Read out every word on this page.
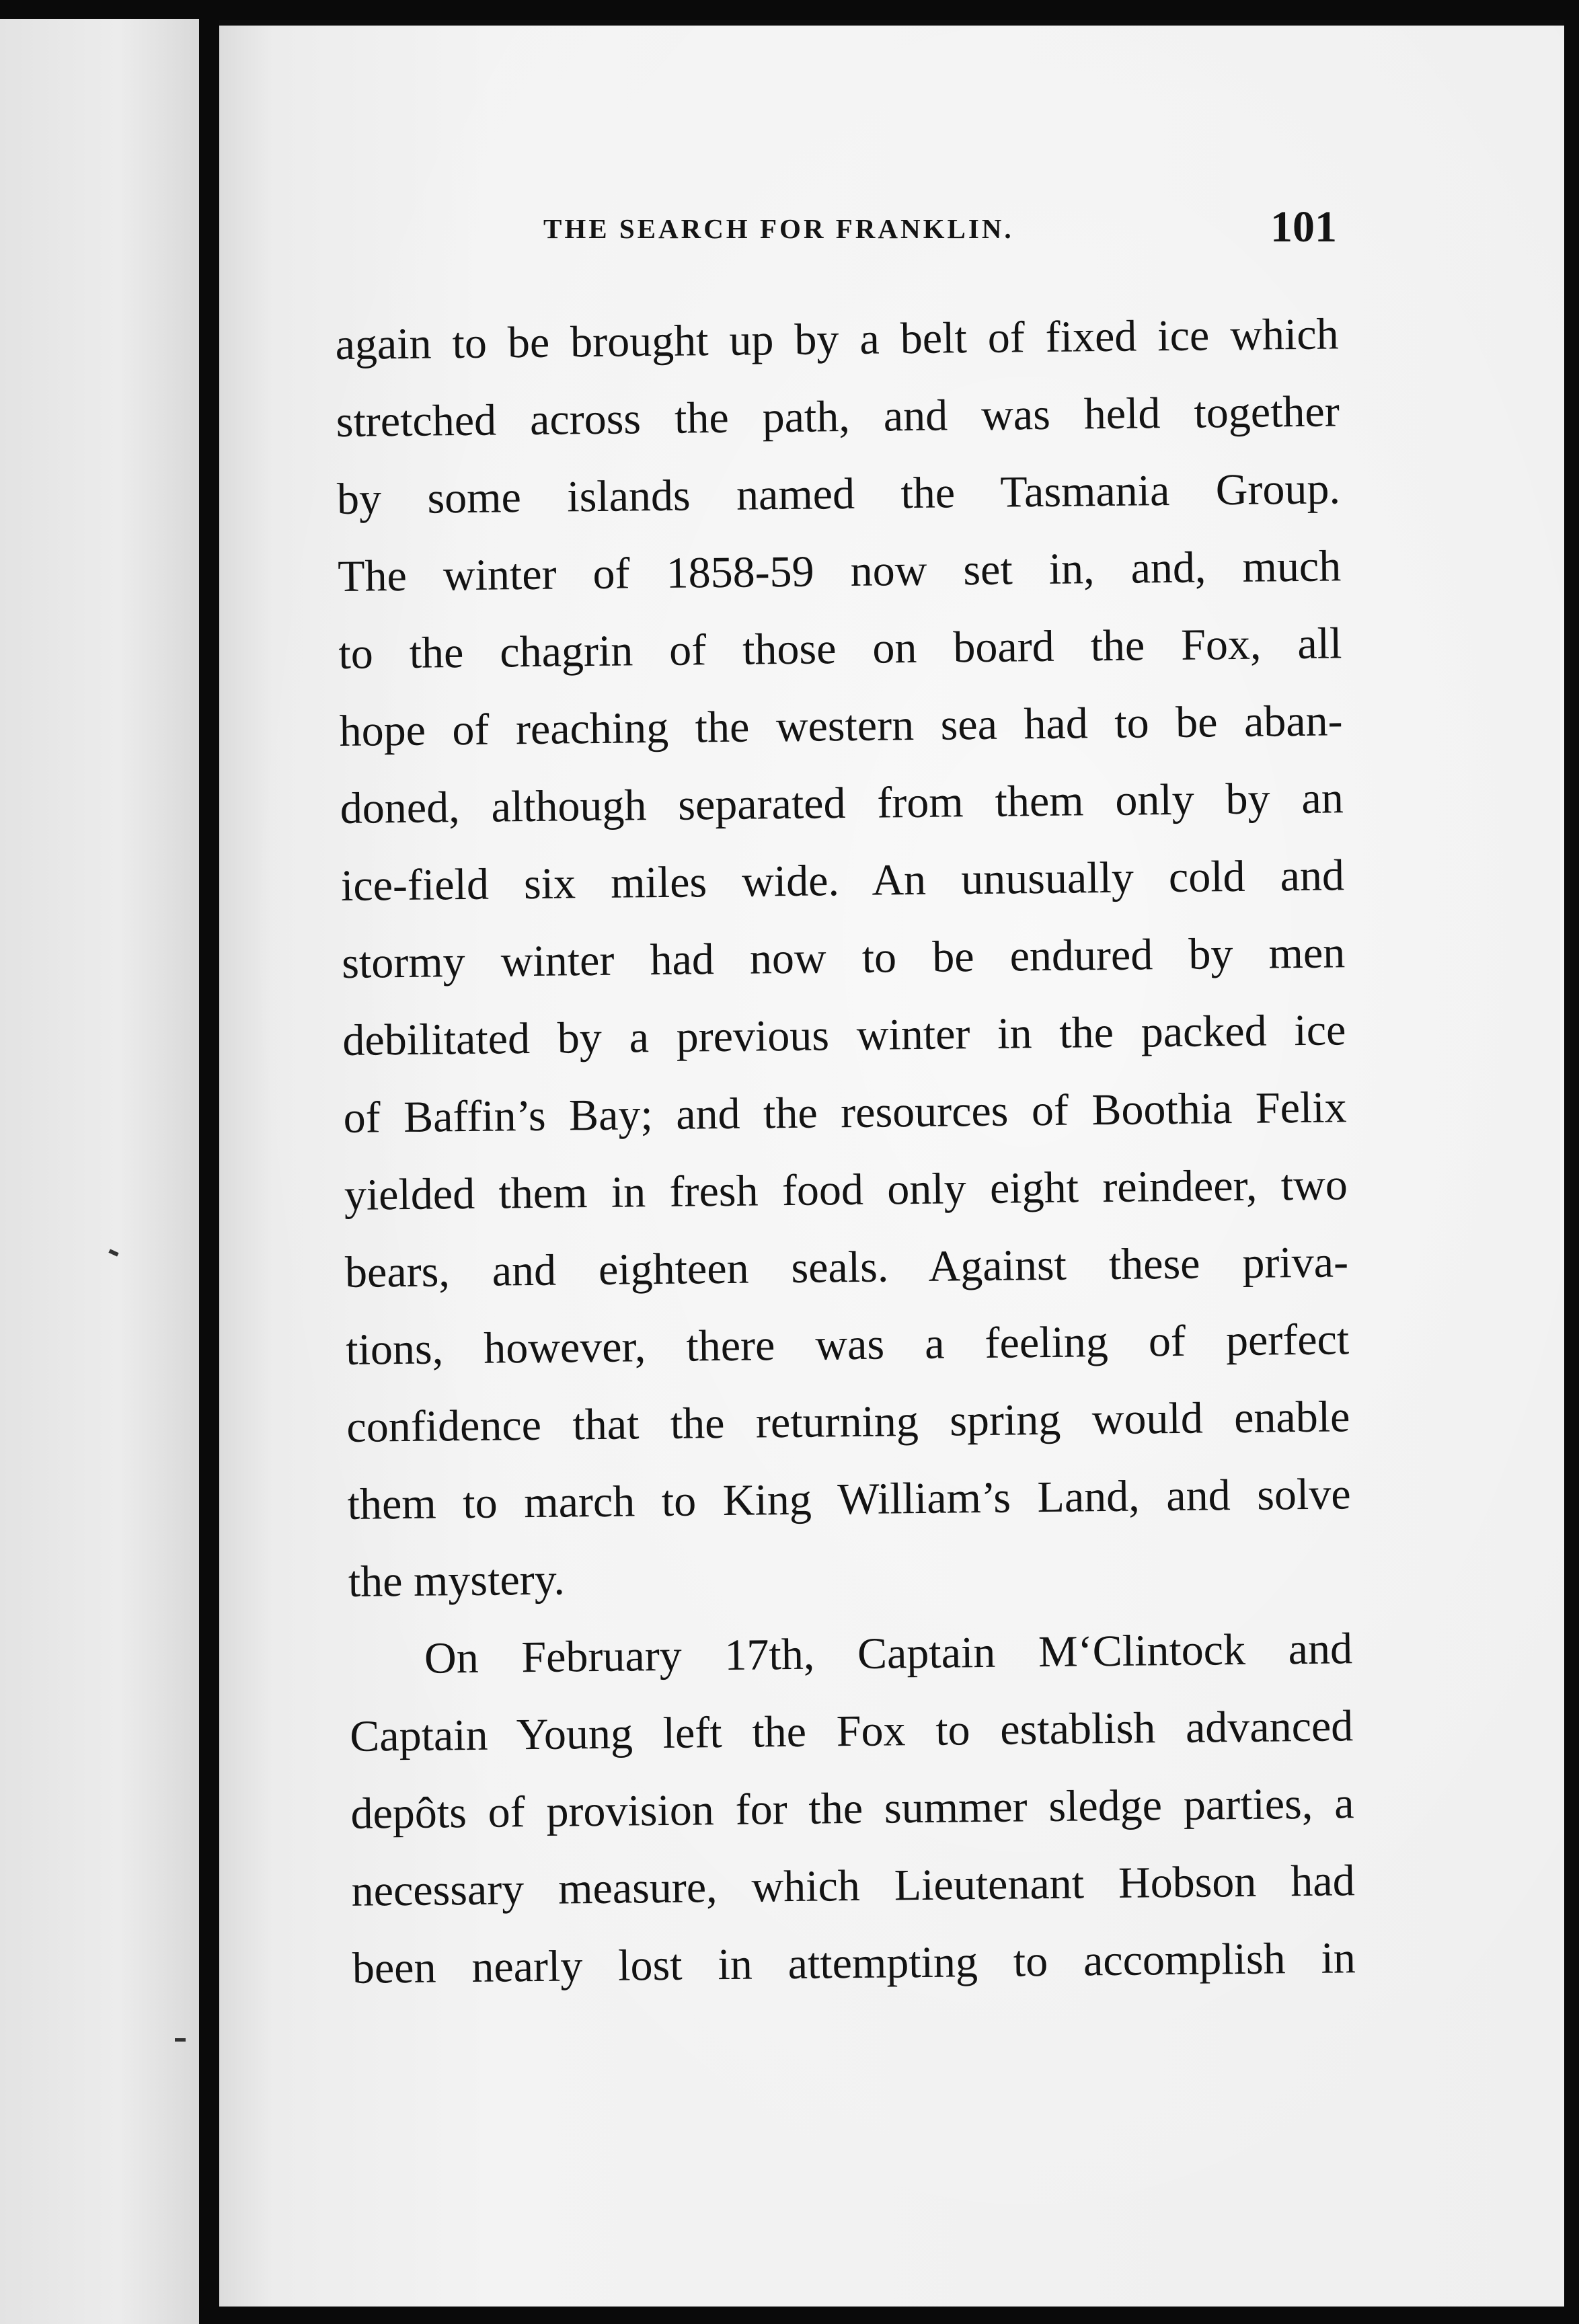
THE SEARCH FOR FRANKLIN.	101
again to be brought up by a belt of fixed ice which
stretched across the path, and was held together
by some islands named the Tasmania Group.
The winter of 1858-59 now set in, and, much
to the chagrin of those on board the Fox, all
hope of reaching the western sea had to be aban-
doned, although separated from them only by an
ice-field six miles wide. An unusually cold and
stormy winter had now to be endured by men
debilitated by a previous winter in the packed ice
of Baffin’s Bay; and the resources of Boothia Felix
yielded them in fresh food only eight reindeer, two
bears, and eighteen seals. Against these priva-
tions, however, there was a feeling of perfect
confidence that the returning spring would enable
them to march to King William’s Land, and solve
the mystery.
On February 17th, Captain M‘Clintock and
Captain Young left the Fox to establish advanced
depôts of provision for the summer sledge parties, a
necessary measure, which Lieutenant Hobson had
been nearly lost in attempting to accomplish in
